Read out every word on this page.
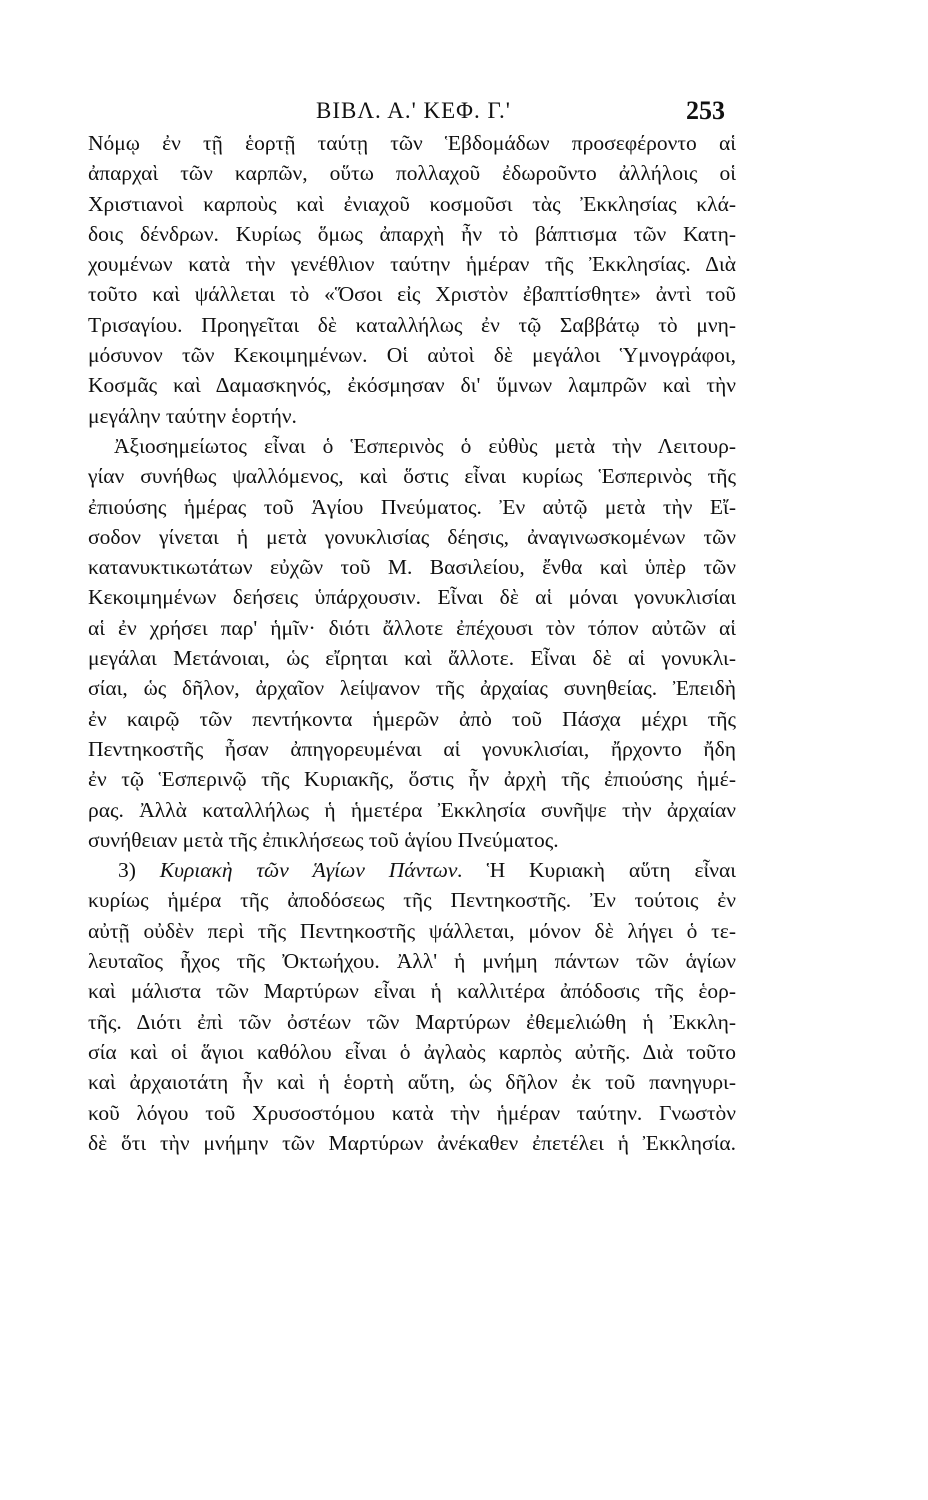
ΒΙΒΛ. Α.' ΚΕΦ. Γ.'	253
Νόμῳ ἐν τῇ ἑορτῇ ταύτῃ τῶν Ἑβδομάδων προσεφέροντο αἱ
ἀπαρχαὶ τῶν καρπῶν, οὕτω πολλαχοῦ ἐδωροῦντο ἀλλήλοις οἱ
Χριστιανοὶ καρποὺς καὶ ἐνιαχοῦ κοσμοῦσι τὰς Ἐκκλησίας κλά-
δοις δένδρων. Κυρίως ὅμως ἀπαρχὴ ἦν τὸ βάπτισμα τῶν Κατη-
χουμένων κατὰ τὴν γενέθλιον ταύτην ἡμέραν τῆς Ἐκκλησίας. Διὰ
τοῦτο καὶ ψάλλεται τὸ «Ὅσοι εἰς Χριστὸν ἐβαπτίσθητε» ἀντὶ τοῦ
Τρισαγίου. Προηγεῖται δὲ καταλλήλως ἐν τῷ Σαββάτῳ τὸ μνη-
μόσυνον τῶν Κεκοιμημένων. Οἱ αὐτοὶ δὲ μεγάλοι Ὑμνογράφοι,
Κοσμᾶς καὶ Δαμασκηνός, ἐκόσμησαν δι' ὕμνων λαμπρῶν καὶ τὴν
μεγάλην ταύτην ἑορτήν.
Ἀξιοσημείωτος εἶναι ὁ Ἑσπερινὸς ὁ εὐθὺς μετὰ τὴν Λειτουρ-
γίαν συνήθως ψαλλόμενος, καὶ ὅστις εἶναι κυρίως Ἑσπερινὸς τῆς
ἐπιούσης ἡμέρας τοῦ Ἁγίου Πνεύματος. Ἐν αὐτῷ μετὰ τὴν Εἴ-
σοδον γίνεται ἡ μετὰ γονυκλισίας δέησις, ἀναγινωσκομένων τῶν
κατανυκτικωτάτων εὐχῶν τοῦ Μ. Βασιλείου, ἔνθα καὶ ὑπὲρ τῶν
Κεκοιμημένων δεήσεις ὑπάρχουσιν. Εἶναι δὲ αἱ μόναι γονυκλισίαι
αἱ ἐν χρήσει παρ' ἡμῖν· διότι ἄλλοτε ἐπέχουσι τὸν τόπον αὐτῶν αἱ
μεγάλαι Μετάνοιαι, ὡς εἴρηται καὶ ἄλλοτε. Εἶναι δὲ αἱ γονυκλι-
σίαι, ὡς δῆλον, ἀρχαῖον λείψανον τῆς ἀρχαίας συνηθείας. Ἐπειδὴ
ἐν καιρῷ τῶν πεντήκοντα ἡμερῶν ἀπὸ τοῦ Πάσχα μέχρι τῆς
Πεντηκοστῆς ἦσαν ἀπηγορευμέναι αἱ γονυκλισίαι, ἤρχοντο ἤδη
ἐν τῷ Ἑσπερινῷ τῆς Κυριακῆς, ὅστις ἦν ἀρχὴ τῆς ἐπιούσης ἡμέ-
ρας. Ἀλλὰ καταλλήλως ἡ ἡμετέρα Ἐκκλησία συνῆψε τὴν ἀρχαίαν
συνήθειαν μετὰ τῆς ἐπικλήσεως τοῦ ἁγίου Πνεύματος.
3) Κυριακὴ τῶν Ἁγίων Πάντων. Ἡ Κυριακὴ αὕτη εἶναι
κυρίως ἡμέρα τῆς ἀποδόσεως τῆς Πεντηκοστῆς. Ἐν τούτοις ἐν
αὐτῇ οὐδὲν περὶ τῆς Πεντηκοστῆς ψάλλεται, μόνον δὲ λήγει ὁ τε-
λευταῖος ἦχος τῆς Ὀκτωήχου. Ἀλλ' ἡ μνήμη πάντων τῶν ἁγίων
καὶ μάλιστα τῶν Μαρτύρων εἶναι ἡ καλλιτέρα ἀπόδοσις τῆς ἑορ-
τῆς. Διότι ἐπὶ τῶν ὀστέων τῶν Μαρτύρων ἐθεμελιώθη ἡ Ἐκκλη-
σία καὶ οἱ ἅγιοι καθόλου εἶναι ὁ ἀγλαὸς καρπὸς αὐτῆς. Διὰ τοῦτο
καὶ ἀρχαιοτάτη ἦν καὶ ἡ ἑορτὴ αὕτη, ὡς δῆλον ἐκ τοῦ πανηγυρι-
κοῦ λόγου τοῦ Χρυσοστόμου κατὰ τὴν ἡμέραν ταύτην. Γνωστὸν
δὲ ὅτι τὴν μνήμην τῶν Μαρτύρων ἀνέκαθεν ἐπετέλει ἡ Ἐκκλησία.
